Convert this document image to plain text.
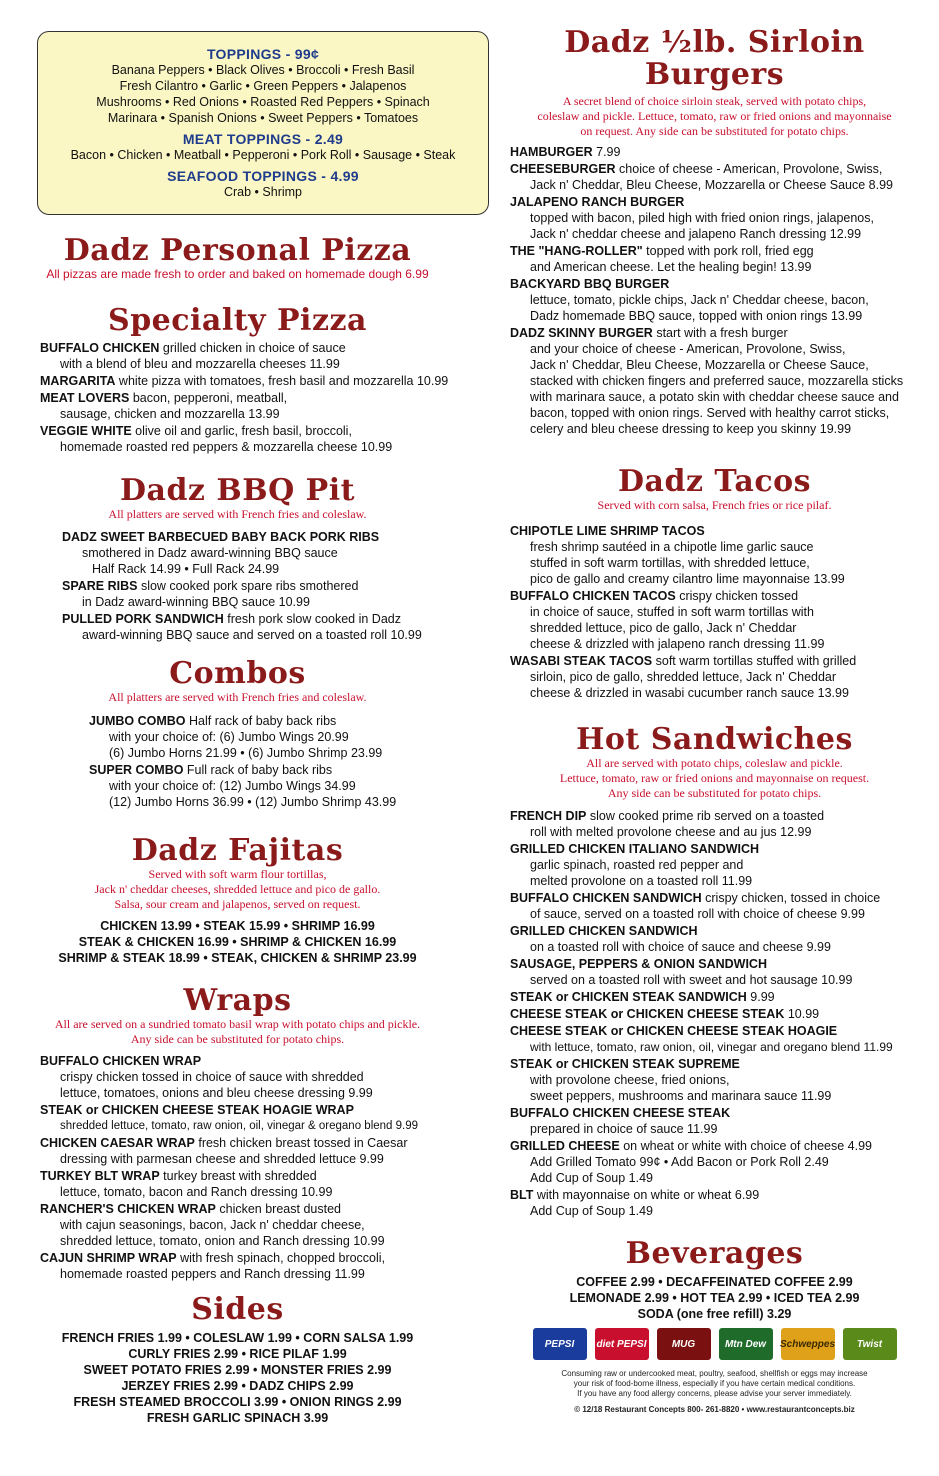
TOPPINGS - 99¢
Banana Peppers • Black Olives • Broccoli • Fresh Basil
Fresh Cilantro • Garlic • Green Peppers • Jalapenos
Mushrooms • Red Onions • Roasted Red Peppers • Spinach
Marinara • Spanish Onions • Sweet Peppers • Tomatoes
MEAT TOPPINGS - 2.49
Bacon • Chicken • Meatball • Pepperoni • Pork Roll • Sausage • Steak
SEAFOOD TOPPINGS - 4.99
Crab • Shrimp
Dadz Personal Pizza
All pizzas are made fresh to order and baked on homemade dough 6.99
Specialty Pizza
BUFFALO CHICKEN grilled chicken in choice of sauce
with a blend of bleu and mozzarella cheeses 11.99
MARGARITA white pizza with tomatoes, fresh basil and mozzarella 10.99
MEAT LOVERS bacon, pepperoni, meatball,
sausage, chicken and mozzarella 13.99
VEGGIE WHITE olive oil and garlic, fresh basil, broccoli,
homemade roasted red peppers & mozzarella cheese 10.99
Dadz BBQ Pit
All platters are served with French fries and coleslaw.
DADZ SWEET BARBECUED BABY BACK PORK RIBS
smothered in Dadz award-winning BBQ sauce
Half Rack 14.99 • Full Rack 24.99
SPARE RIBS slow cooked pork spare ribs smothered
in Dadz award-winning BBQ sauce 10.99
PULLED PORK SANDWICH fresh pork slow cooked in Dadz
award-winning BBQ sauce and served on a toasted roll 10.99
Combos
All platters are served with French fries and coleslaw.
JUMBO COMBO Half rack of baby back ribs
with your choice of: (6) Jumbo Wings 20.99
(6) Jumbo Horns 21.99 • (6) Jumbo Shrimp 23.99
SUPER COMBO Full rack of baby back ribs
with your choice of: (12) Jumbo Wings 34.99
(12) Jumbo Horns 36.99 • (12) Jumbo Shrimp 43.99
Dadz Fajitas
Served with soft warm flour tortillas,
Jack n' cheddar cheeses, shredded lettuce and pico de gallo.
Salsa, sour cream and jalapenos, served on request.
CHICKEN 13.99 • STEAK 15.99 • SHRIMP 16.99
STEAK & CHICKEN 16.99 • SHRIMP & CHICKEN 16.99
SHRIMP & STEAK 18.99 • STEAK, CHICKEN & SHRIMP 23.99
Wraps
All are served on a sundried tomato basil wrap with potato chips and pickle.
Any side can be substituted for potato chips.
BUFFALO CHICKEN WRAP
crispy chicken tossed in choice of sauce with shredded
lettuce, tomatoes, onions and bleu cheese dressing 9.99
STEAK or CHICKEN CHEESE STEAK HOAGIE WRAP
shredded lettuce, tomato, raw onion, oil, vinegar & oregano blend 9.99
CHICKEN CAESAR WRAP fresh chicken breast tossed in Caesar
dressing with parmesan cheese and shredded lettuce 9.99
TURKEY BLT WRAP turkey breast with shredded
lettuce, tomato, bacon and Ranch dressing 10.99
RANCHER'S CHICKEN WRAP chicken breast dusted
with cajun seasonings, bacon, Jack n' cheddar cheese,
shredded lettuce, tomato, onion and Ranch dressing 10.99
CAJUN SHRIMP WRAP with fresh spinach, chopped broccoli,
homemade roasted peppers and Ranch dressing 11.99
Sides
FRENCH FRIES 1.99 • COLESLAW 1.99 • CORN SALSA 1.99
CURLY FRIES 2.99 • RICE PILAF 1.99
SWEET POTATO FRIES 2.99 • MONSTER FRIES 2.99
JERZEY FRIES 2.99 • DADZ CHIPS 2.99
FRESH STEAMED BROCCOLI 3.99 • ONION RINGS 2.99
FRESH GARLIC SPINACH 3.99
Dadz ½lb. Sirloin
Burgers
A secret blend of choice sirloin steak, served with potato chips,
coleslaw and pickle. Lettuce, tomato, raw or fried onions and mayonnaise
on request. Any side can be substituted for potato chips.
HAMBURGER 7.99
CHEESEBURGER choice of cheese - American, Provolone, Swiss,
Jack n' Cheddar, Bleu Cheese, Mozzarella or Cheese Sauce 8.99
JALAPENO RANCH BURGER
topped with bacon, piled high with fried onion rings, jalapenos,
Jack n' cheddar cheese and jalapeno Ranch dressing 12.99
THE "HANG-ROLLER" topped with pork roll, fried egg
and American cheese. Let the healing begin! 13.99
BACKYARD BBQ BURGER
lettuce, tomato, pickle chips, Jack n' Cheddar cheese, bacon,
Dadz homemade BBQ sauce, topped with onion rings 13.99
DADZ SKINNY BURGER start with a fresh burger
and your choice of cheese - American, Provolone, Swiss,
Jack n' Cheddar, Bleu Cheese, Mozzarella or Cheese Sauce,
stacked with chicken fingers and preferred sauce, mozzarella sticks
with marinara sauce, a potato skin with cheddar cheese sauce and
bacon, topped with onion rings. Served with healthy carrot sticks,
celery and bleu cheese dressing to keep you skinny 19.99
Dadz Tacos
Served with corn salsa, French fries or rice pilaf.
CHIPOTLE LIME SHRIMP TACOS
fresh shrimp sautéed in a chipotle lime garlic sauce
stuffed in soft warm tortillas, with shredded lettuce,
pico de gallo and creamy cilantro lime mayonnaise 13.99
BUFFALO CHICKEN TACOS crispy chicken tossed
in choice of sauce, stuffed in soft warm tortillas with
shredded lettuce, pico de gallo, Jack n' Cheddar
cheese & drizzled with jalapeno ranch dressing 11.99
WASABI STEAK TACOS soft warm tortillas stuffed with grilled
sirloin, pico de gallo, shredded lettuce, Jack n' Cheddar
cheese & drizzled in wasabi cucumber ranch sauce 13.99
Hot Sandwiches
All are served with potato chips, coleslaw and pickle.
Lettuce, tomato, raw or fried onions and mayonnaise on request.
Any side can be substituted for potato chips.
FRENCH DIP slow cooked prime rib served on a toasted
roll with melted provolone cheese and au jus 12.99
GRILLED CHICKEN ITALIANO SANDWICH
garlic spinach, roasted red pepper and
melted provolone on a toasted roll 11.99
BUFFALO CHICKEN SANDWICH crispy chicken, tossed in choice
of sauce, served on a toasted roll with choice of cheese 9.99
GRILLED CHICKEN SANDWICH
on a toasted roll with choice of sauce and cheese 9.99
SAUSAGE, PEPPERS & ONION SANDWICH
served on a toasted roll with sweet and hot sausage 10.99
STEAK or CHICKEN STEAK SANDWICH 9.99
CHEESE STEAK or CHICKEN CHEESE STEAK 10.99
CHEESE STEAK or CHICKEN CHEESE STEAK HOAGIE
with lettuce, tomato, raw onion, oil, vinegar and oregano blend 11.99
STEAK or CHICKEN STEAK SUPREME
with provolone cheese, fried onions,
sweet peppers, mushrooms and marinara sauce 11.99
BUFFALO CHICKEN CHEESE STEAK
prepared in choice of sauce 11.99
GRILLED CHEESE on wheat or white with choice of cheese 4.99
Add Grilled Tomato 99¢ • Add Bacon or Pork Roll 2.49
Add Cup of Soup 1.49
BLT with mayonnaise on white or wheat 6.99
Add Cup of Soup 1.49
Beverages
COFFEE 2.99 • DECAFFEINATED COFFEE 2.99
LEMONADE 2.99 • HOT TEA 2.99 • ICED TEA 2.99
SODA (one free refill) 3.29
PEPSI	diet PEPSI	MUG	Mtn Dew	Schweppes	Twist
Consuming raw or undercooked meat, poultry, seafood, shellfish or eggs may increase
your risk of food-borne illness, especially if you have certain medical conditions.
If you have any food allergy concerns, please advise your server immediately.
© 12/18 Restaurant Concepts 800- 261-8820 • www.restaurantconcepts.biz
